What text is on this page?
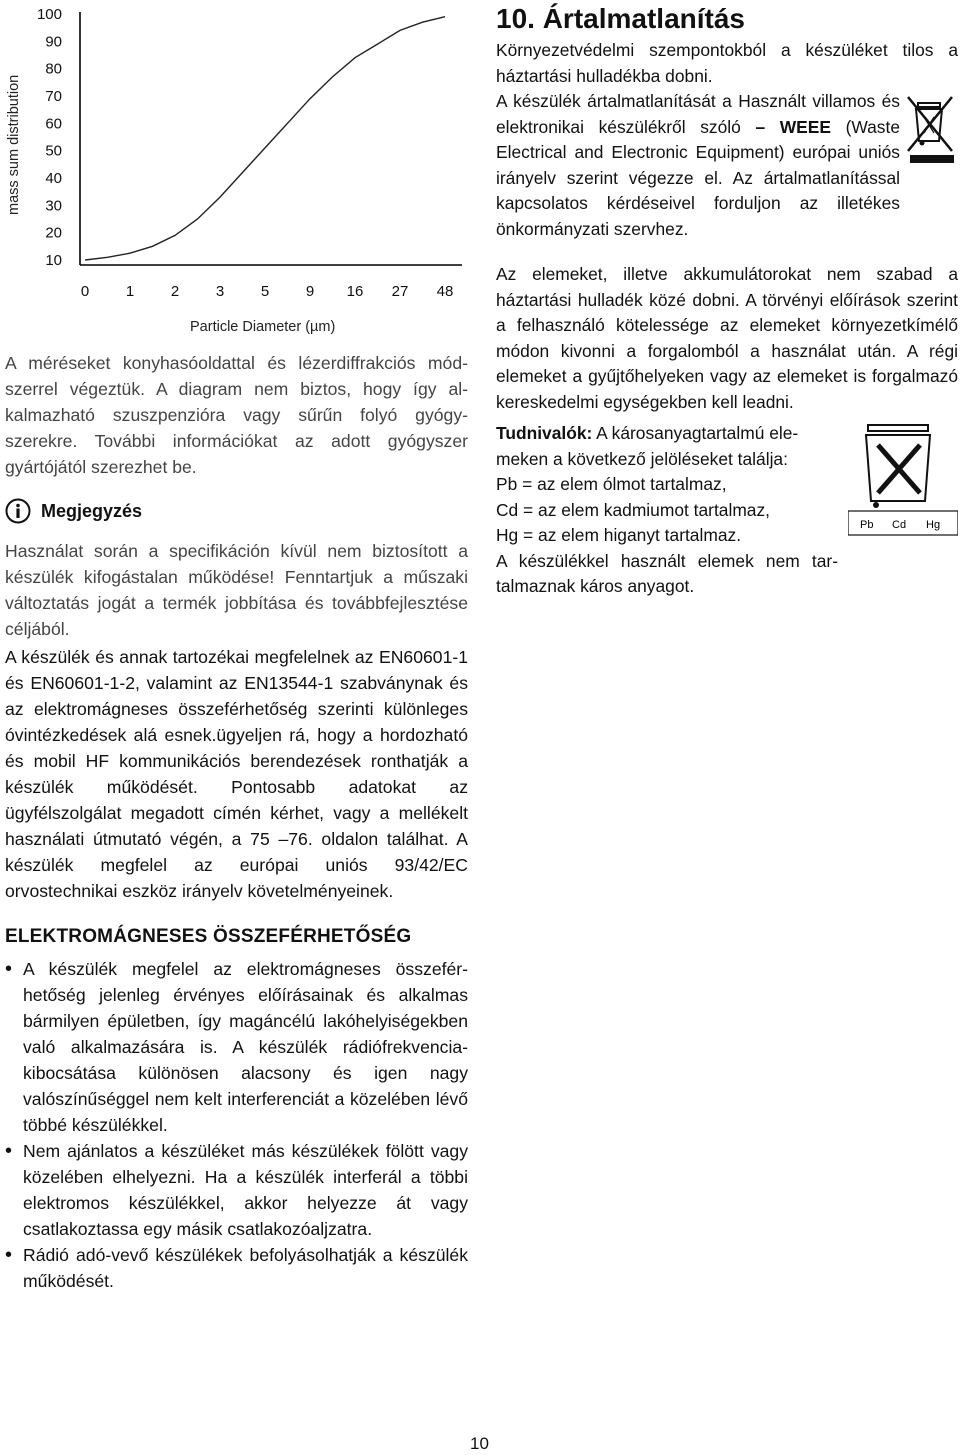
mass sum distribution
Particle Diameter (µm)
100
90
80
70
60
50
40
30
20
10
0 1 2 3 5 9 16 27 48

A méréseket konyhasóoldattal és lézerdiffrakciós módszerrel végeztük. A diagram nem biztos, hogy így alkalmazható szuszpenzióra vagy sűrűn folyó gyógyszerekre. További információkat az adott gyógyszer gyártójától szerezhet be.

Megjegyzés

Használat során a specifikáción kívül nem biztosított a készülék kifogástalan működése! Fenntartjuk a műszaki változtatás jogát a termék jobbítása és továbbfejlesztése céljából.

A készülék és annak tartozékai megfelelnek az EN60601-1 és EN60601-1-2, valamint az EN13544-1 szabványnak és az elektromágneses összeférhetőség szerinti különleges óvintézkedések alá esnek.ügyeljen rá, hogy a hordozható és mobil HF kommunikációs berendezések ronthatják a készülék működését. Pontosabb adatokat az ügyfélszolgálat megadott címén kérhet, vagy a mellékelt használati útmutató végén, a 75 –76. oldalon találhat. A készülék megfelel az európai uniós 93/42/EC orvostechnikai eszköz irányelv követelményeinek.

ELEKTROMÁGNESES ÖSSZEFÉRHETŐSÉG
• A készülék megfelel az elektromágneses összeférhetőség jelenleg érvényes előírásainak és alkalmas bármilyen épületben, így magáncélú lakóhelyiségekben való alkalmazására is. A készülék rádiófrekvencia-kibocsátása különösen alacsony és igen nagy valószínűséggel nem kelt interferenciát a közelében lévő többé készülékkel.
• Nem ajánlatos a készüléket más készülékek fölött vagy közelében elhelyezni. Ha a készülék interferál a többi elektromos készülékkel, akkor helyezze át vagy csatlakoztassa egy másik csatlakozóaljzatra.
• Rádió adó-vevő készülékek befolyásolhatják a készülék működését.
10. Ártalmatlanítás

Környezetvédelmi szempontokból a készüléket tilos a háztartási hulladékba dobni.

A készülék ártalmatlanítását a Használt villamos és elektronikai készülékről szóló – WEEE (Waste Electrical and Electronic Equipment) európai uniós irányelv szerint végezze el. Az ártalmatlanítással kapcsolatos kérdéseivel forduljon az illetékes önkormányzati szervhez.

Az elemeket, illetve akkumulátorokat nem szabad a háztartási hulladék közé dobni. A törvényi előírások szerint a felhasználó kötelessége az elemeket környezetkímélő módon kivonni a forgalomból a használat után. A régi elemeket a gyűjtőhelyeken vagy az elemeket is forgalmazó kereskedelmi egységekben kell leadni.

Pb Cd Hg

Tudnivalók: A károsanyagtartalmú elemeken a következő jelöléseket találja:

Pb = az elem ólmot tartalmaz,

Cd = az elem kadmiumot tartalmaz,

Hg = az elem higanyt tartalmaz.

A készülékkel használt elemek nem tartalmaznak káros anyagot.

10
